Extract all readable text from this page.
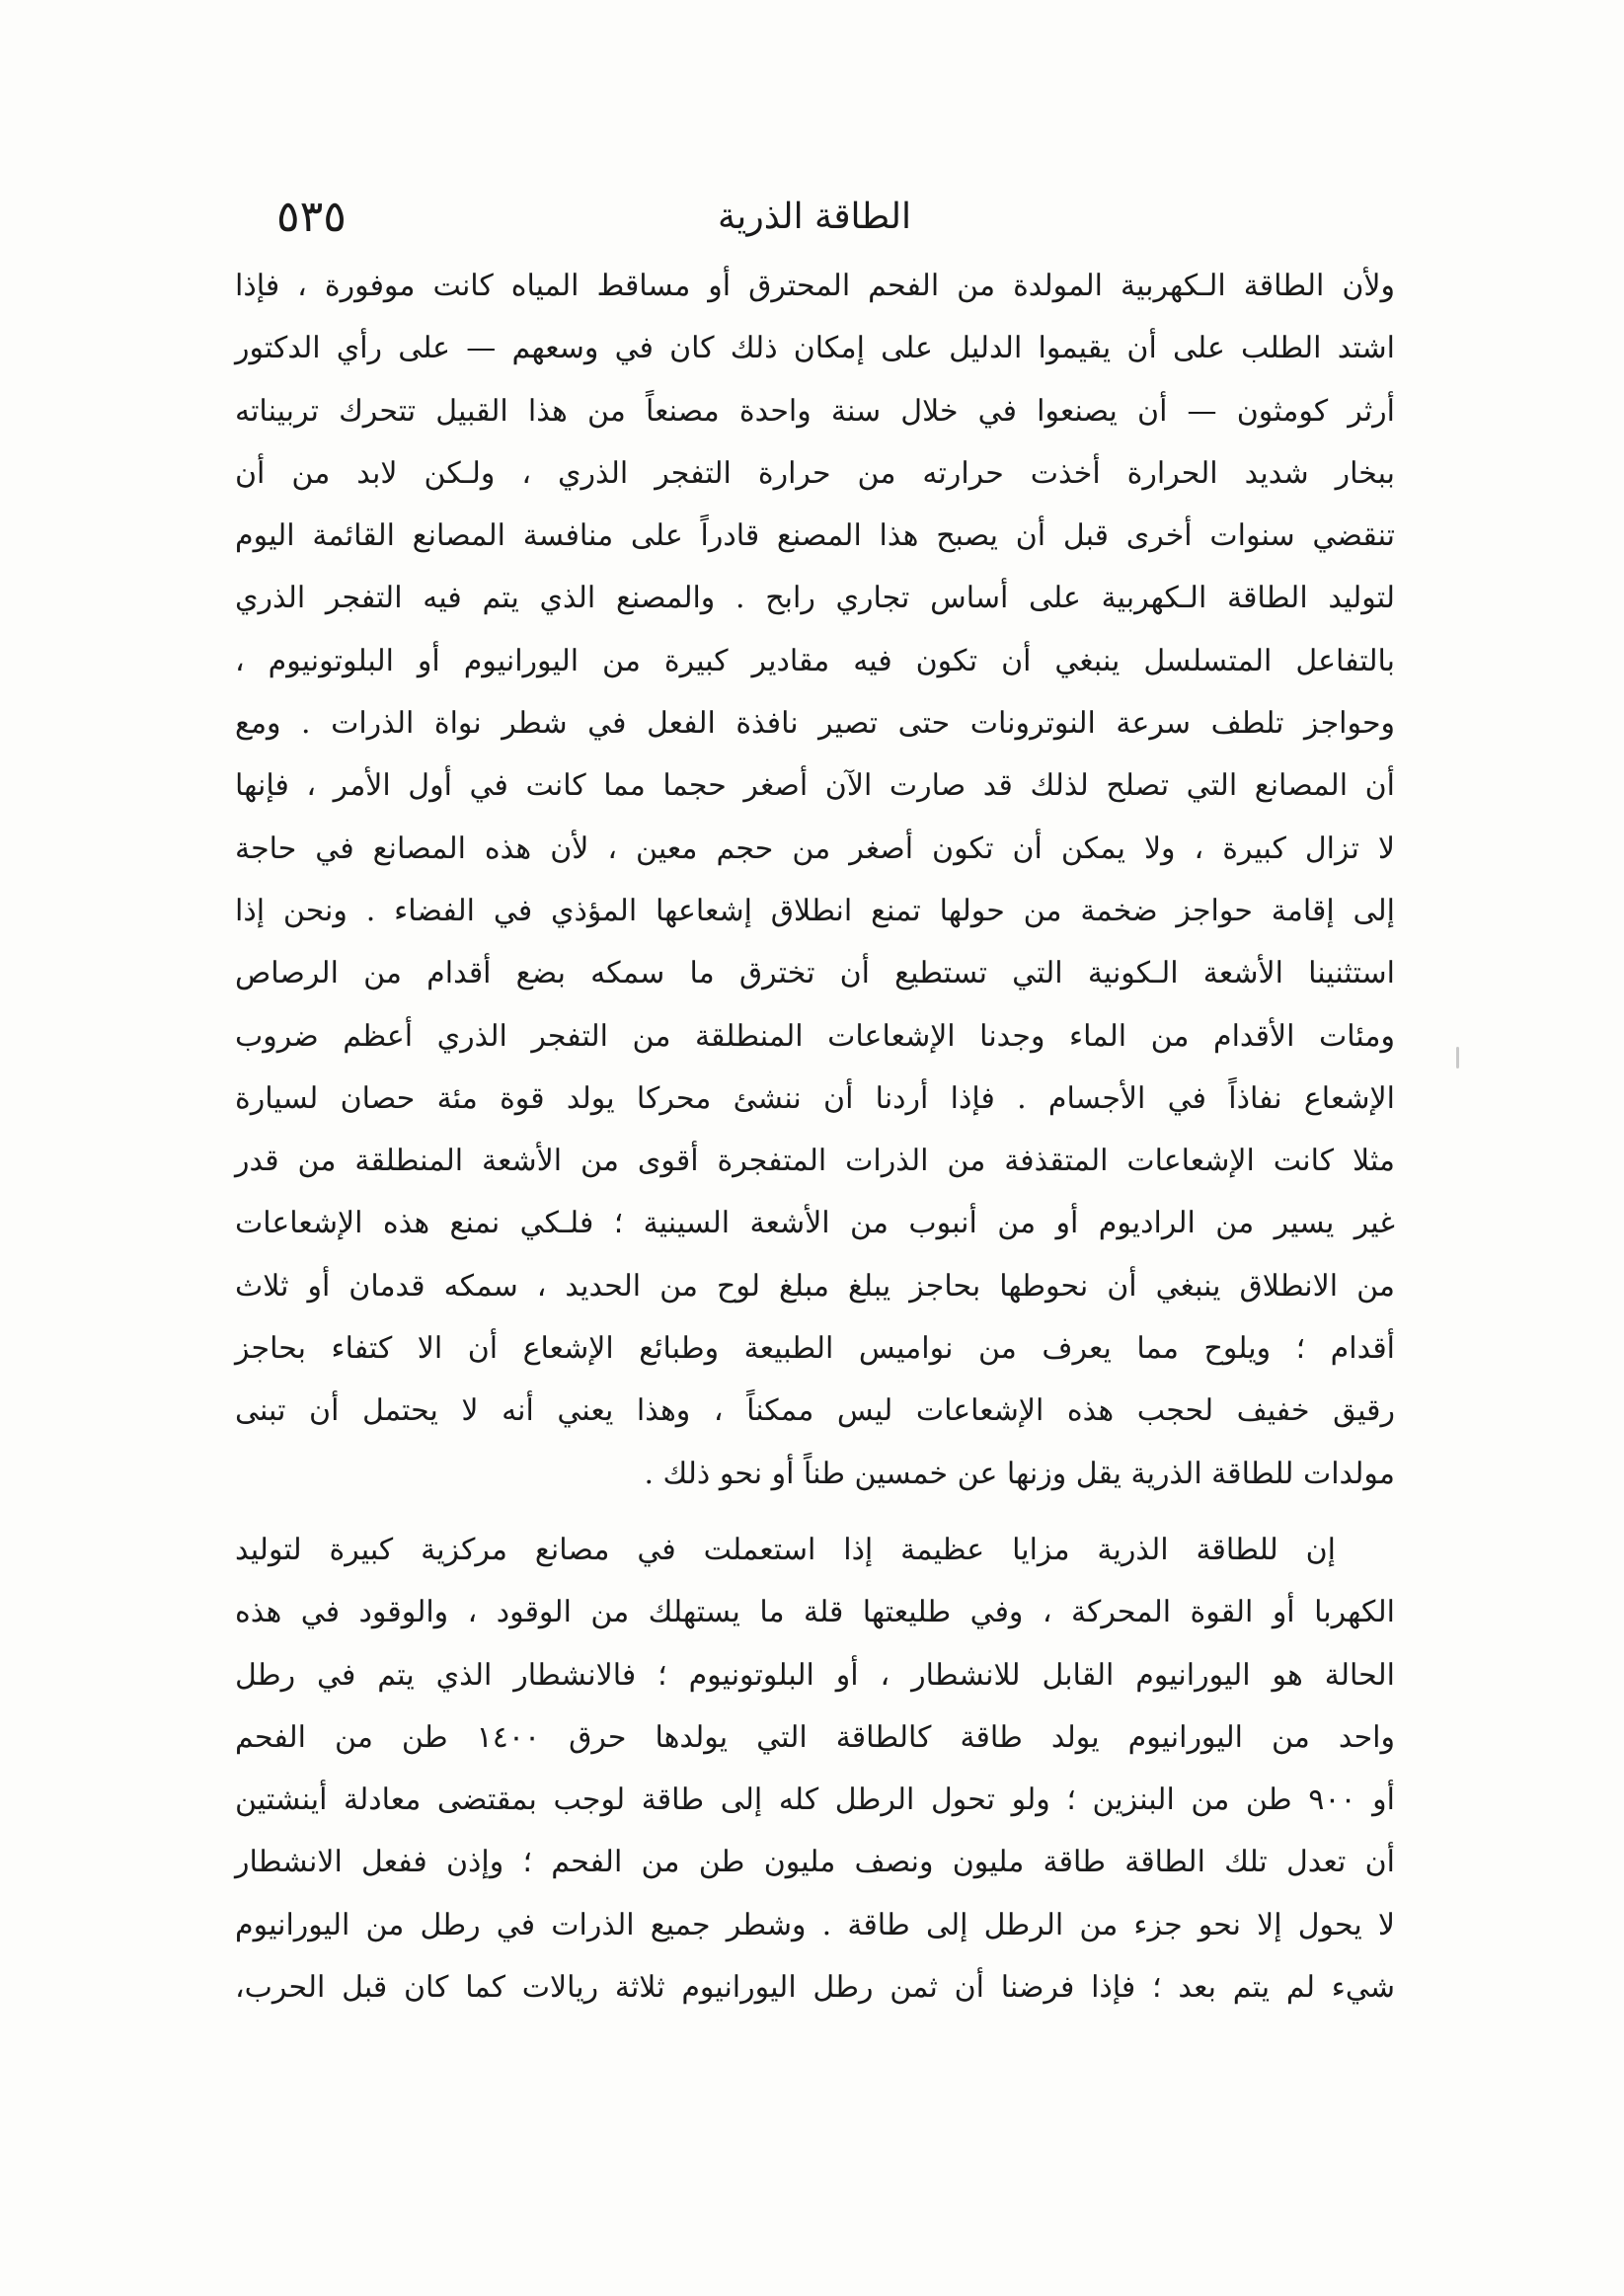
الطاقة الذرية
٥٣٥
ولأن الطاقة الـكهربية المولدة من الفحم المحترق أو مساقط المياه كانت موفورة ، فإذا
اشتد الطلب على أن يقيموا الدليل على إمكان ذلك كان في وسعهم — على رأي الدكتور
أرثر كومثون — أن يصنعوا في خلال سنة واحدة مصنعاً من هذا القبيل تتحرك تربيناته
ببخار شديد الحرارة أخذت حرارته من حرارة التفجر الذري ، ولـكن لابد من أن
تنقضي سنوات أخرى قبل أن يصبح هذا المصنع قادراً على منافسة المصانع القائمة اليوم
لتوليد الطاقة الـكهربية على أساس تجاري رابح . والمصنع الذي يتم فيه التفجر الذري
بالتفاعل المتسلسل ينبغي أن تكون فيه مقادير كبيرة من اليورانيوم أو البلوتونيوم ،
وحواجز تلطف سرعة النوترونات حتى تصير نافذة الفعل في شطر نواة الذرات . ومع
أن المصانع التي تصلح لذلك قد صارت الآن أصغر حجما مما كانت في أول الأمر ، فإنها
لا تزال كبيرة ، ولا يمكن أن تكون أصغر من حجم معين ، لأن هذه المصانع في حاجة
إلى إقامة حواجز ضخمة من حولها تمنع انطلاق إشعاعها المؤذي في الفضاء . ونحن إذا
استثنينا الأشعة الـكونية التي تستطيع أن تخترق ما سمكه بضع أقدام من الرصاص
ومئات الأقدام من الماء وجدنا الإشعاعات المنطلقة من التفجر الذري أعظم ضروب
الإشعاع نفاذاً في الأجسام . فإذا أردنا أن ننشئ محركا يولد قوة مئة حصان لسيارة
مثلا كانت الإشعاعات المتقذفة من الذرات المتفجرة أقوى من الأشعة المنطلقة من قدر
غير يسير من الراديوم أو من أنبوب من الأشعة السينية ؛ فلـكي نمنع هذه الإشعاعات
من الانطلاق ينبغي أن نحوطها بحاجز يبلغ مبلغ لوح من الحديد ، سمكه قدمان أو ثلاث
أقدام ؛ ويلوح مما يعرف من نواميس الطبيعة وطبائع الإشعاع أن الا كتفاء بحاجز
رقيق خفيف لحجب هذه الإشعاعات ليس ممكناً ، وهذا يعني أنه لا يحتمل أن تبنى
مولدات للطاقة الذرية يقل وزنها عن خمسين طناً أو نحو ذلك .
إن للطاقة الذرية مزايا عظيمة إذا استعملت في مصانع مركزية كبيرة لتوليد
الكهربا أو القوة المحركة ، وفي طليعتها قلة ما يستهلك من الوقود ، والوقود في هذه
الحالة هو اليورانيوم القابل للانشطار ، أو البلوتونيوم ؛ فالانشطار الذي يتم في رطل
واحد من اليورانيوم يولد طاقة كالطاقة التي يولدها حرق ١٤٠٠ طن من الفحم
أو ٩٠٠ طن من البنزين ؛ ولو تحول الرطل كله إلى طاقة لوجب بمقتضى معادلة أينشتين
أن تعدل تلك الطاقة طاقة مليون ونصف مليون طن من الفحم ؛ وإذن ففعل الانشطار
لا يحول إلا نحو جزء من الرطل إلى طاقة . وشطر جميع الذرات في رطل من اليورانيوم
شيء لم يتم بعد ؛ فإذا فرضنا أن ثمن رطل اليورانيوم ثلاثة ريالات كما كان قبل الحرب،
